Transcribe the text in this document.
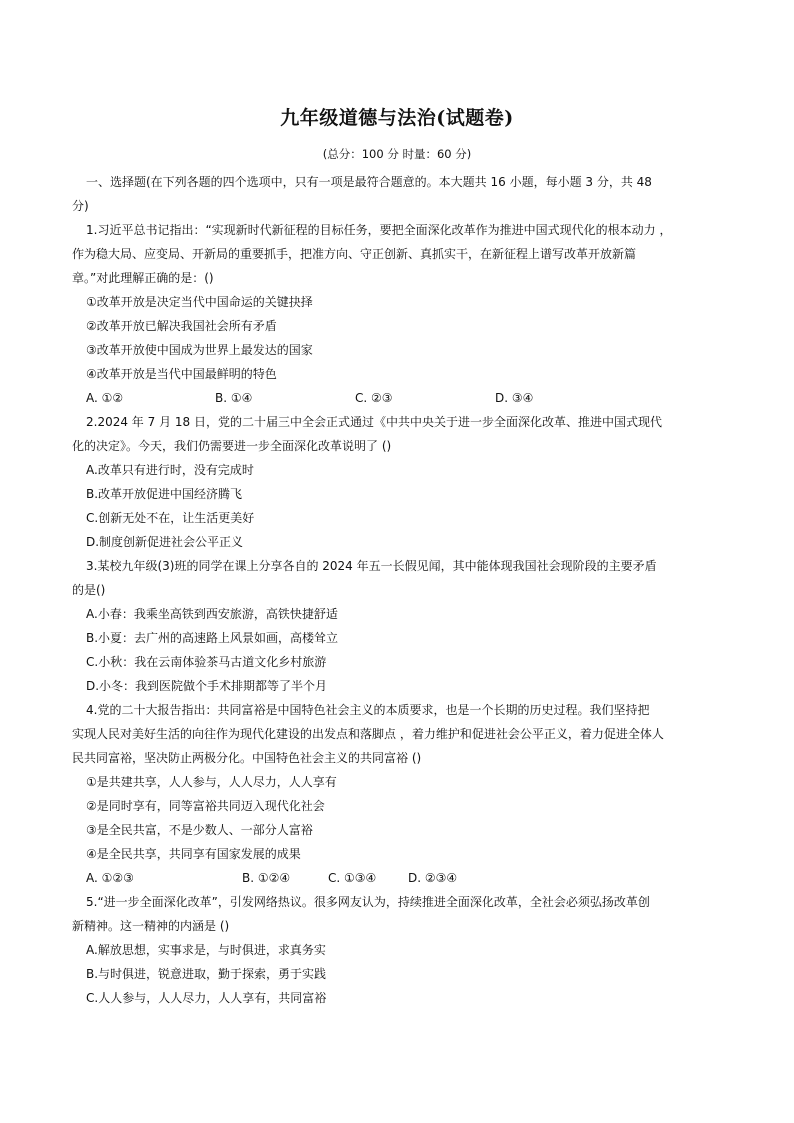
九年级道德与法治(试题卷)
(总分：100 分 时量：60 分)
一、选择题(在下列各题的四个选项中，只有一项是最符合题意的。本大题共 16 小题，每小题 3 分，共 48
分)
1.习近平总书记指出：“实现新时代新征程的目标任务，要把全面深化改革作为推进中国式现代化的根本动力 ，
作为稳大局、应变局、开新局的重要抓手，把准方向、守正创新、真抓实干，在新征程上谱写改革开放新篇
章。”对此理解正确的是：()
①改革开放是决定当代中国命运的关键抉择
②改革开放已解决我国社会所有矛盾
③改革开放使中国成为世界上最发达的国家
④改革开放是当代中国最鲜明的特色
A. ①②	B. ①④	C. ②③	D. ③④
2.2024 年 7 月 18 日，党的二十届三中全会正式通过《中共中央关于进一步全面深化改革、推进中国式现代
化的决定》。今天，我们仍需要进一步全面深化改革说明了 ()
A.改革只有进行时，没有完成时
B.改革开放促进中国经济腾飞
C.创新无处不在，让生活更美好
D.制度创新促进社会公平正义
3.某校九年级(3)班的同学在课上分享各自的 2024 年五一长假见闻，其中能体现我国社会现阶段的主要矛盾
的是()
A.小春：我乘坐高铁到西安旅游，高铁快捷舒适
B.小夏：去广州的高速路上风景如画，高楼耸立
C.小秋：我在云南体验茶马古道文化乡村旅游
D.小冬：我到医院做个手术排期都等了半个月
4.党的二十大报告指出：共同富裕是中国特色社会主义的本质要求，也是一个长期的历史过程。我们坚持把
实现人民对美好生活的向往作为现代化建设的出发点和落脚点 ，着力维护和促进社会公平正义，着力促进全体人
民共同富裕，坚决防止两极分化。中国特色社会主义的共同富裕 ()
①是共建共享，人人参与，人人尽力，人人享有
②是同时享有，同等富裕共同迈入现代化社会
③是全民共富，不是少数人、一部分人富裕
④是全民共享，共同享有国家发展的成果
A. ①②③	B. ①②④	C. ①③④	D. ②③④
5.“进一步全面深化改革”，引发网络热议。很多网友认为，持续推进全面深化改革，全社会必须弘扬改革创
新精神。这一精神的内涵是 ()
A.解放思想，实事求是，与时俱进，求真务实
B.与时俱进，锐意进取，勤于探索，勇于实践
C.人人参与，人人尽力，人人享有，共同富裕
